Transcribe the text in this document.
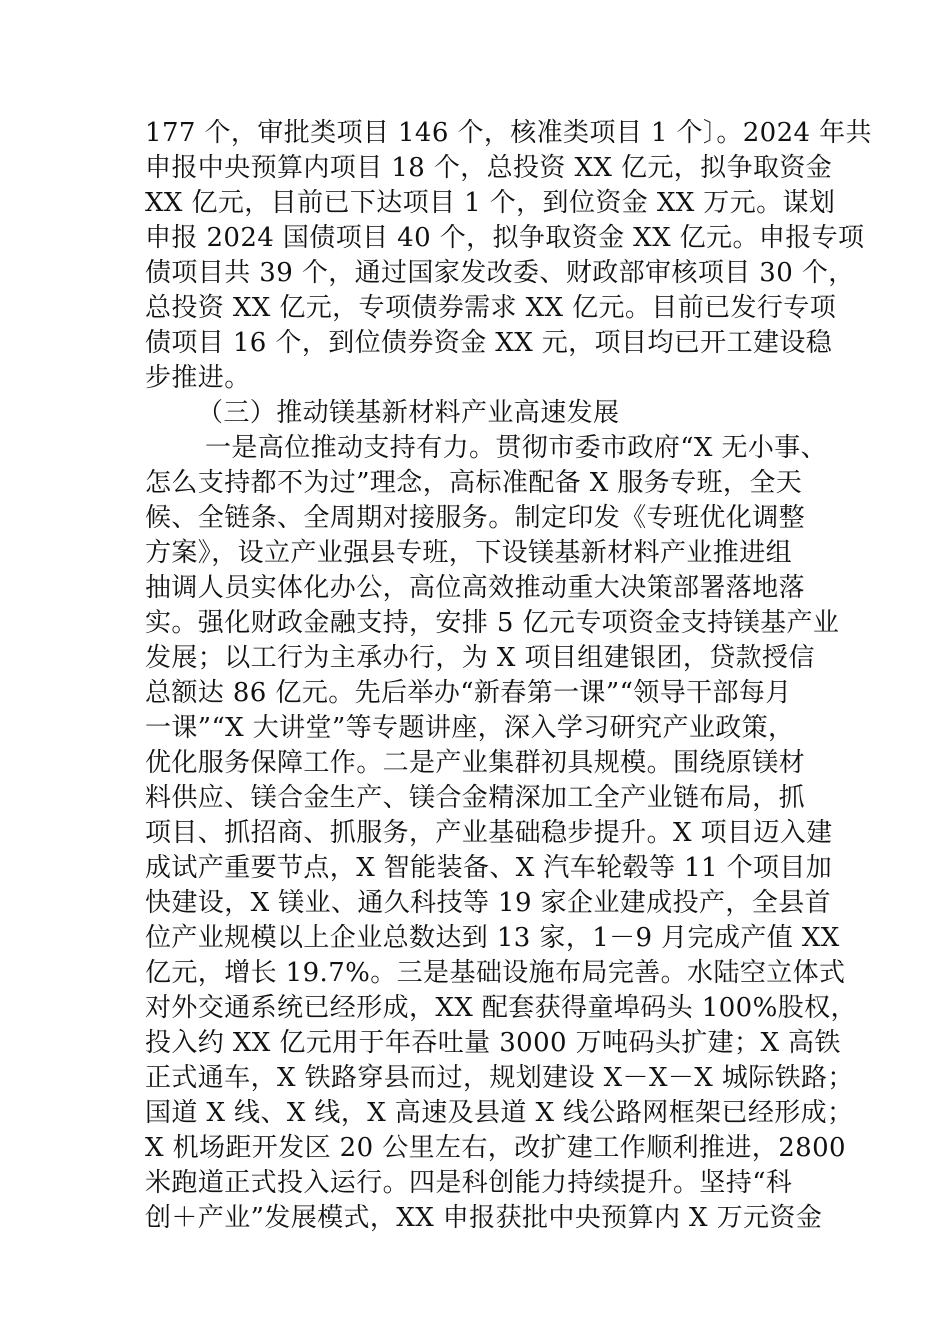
177 个，审批类项目 146 个，核准类项目 1 个〕。2024 年共
申报中央预算内项目 18 个，总投资 XX 亿元，拟争取资金
XX 亿元，目前已下达项目 1 个，到位资金 XX 万元。谋划
申报 2024 国债项目 40 个，拟争取资金 XX 亿元。申报专项
债项目共 39 个，通过国家发改委、财政部审核项目 30 个，
总投资 XX 亿元，专项债券需求 XX 亿元。目前已发行专项
债项目 16 个，到位债券资金 XX 元，项目均已开工建设稳
步推进。
（三）推动镁基新材料产业高速发展
一是高位推动支持有力。贯彻市委市政府“X 无小事、
怎么支持都不为过”理念，高标准配备 X 服务专班，全天
候、全链条、全周期对接服务。制定印发《专班优化调整
方案》，设立产业强县专班，下设镁基新材料产业推进组
抽调人员实体化办公，高位高效推动重大决策部署落地落
实。强化财政金融支持，安排 5 亿元专项资金支持镁基产业
发展；以工行为主承办行，为 X 项目组建银团，贷款授信
总额达 86 亿元。先后举办“新春第一课”“领导干部每月
一课”“X 大讲堂”等专题讲座，深入学习研究产业政策，
优化服务保障工作。二是产业集群初具规模。围绕原镁材
料供应、镁合金生产、镁合金精深加工全产业链布局，抓
项目、抓招商、抓服务，产业基础稳步提升。X 项目迈入建
成试产重要节点，X 智能装备、X 汽车轮毂等 11 个项目加
快建设，X 镁业、通久科技等 19 家企业建成投产，全县首
位产业规模以上企业总数达到 13 家，1－9 月完成产值 XX
亿元，增长 19.7%。三是基础设施布局完善。水陆空立体式
对外交通系统已经形成，XX 配套获得童埠码头 100%股权，
投入约 XX 亿元用于年吞吐量 3000 万吨码头扩建；X 高铁
正式通车，X 铁路穿县而过，规划建设 X－X－X 城际铁路；
国道 X 线、X 线，X 高速及县道 X 线公路网框架已经形成；
X 机场距开发区 20 公里左右，改扩建工作顺利推进，2800
米跑道正式投入运行。四是科创能力持续提升。坚持“科
创＋产业”发展模式，XX 申报获批中央预算内 X 万元资金
